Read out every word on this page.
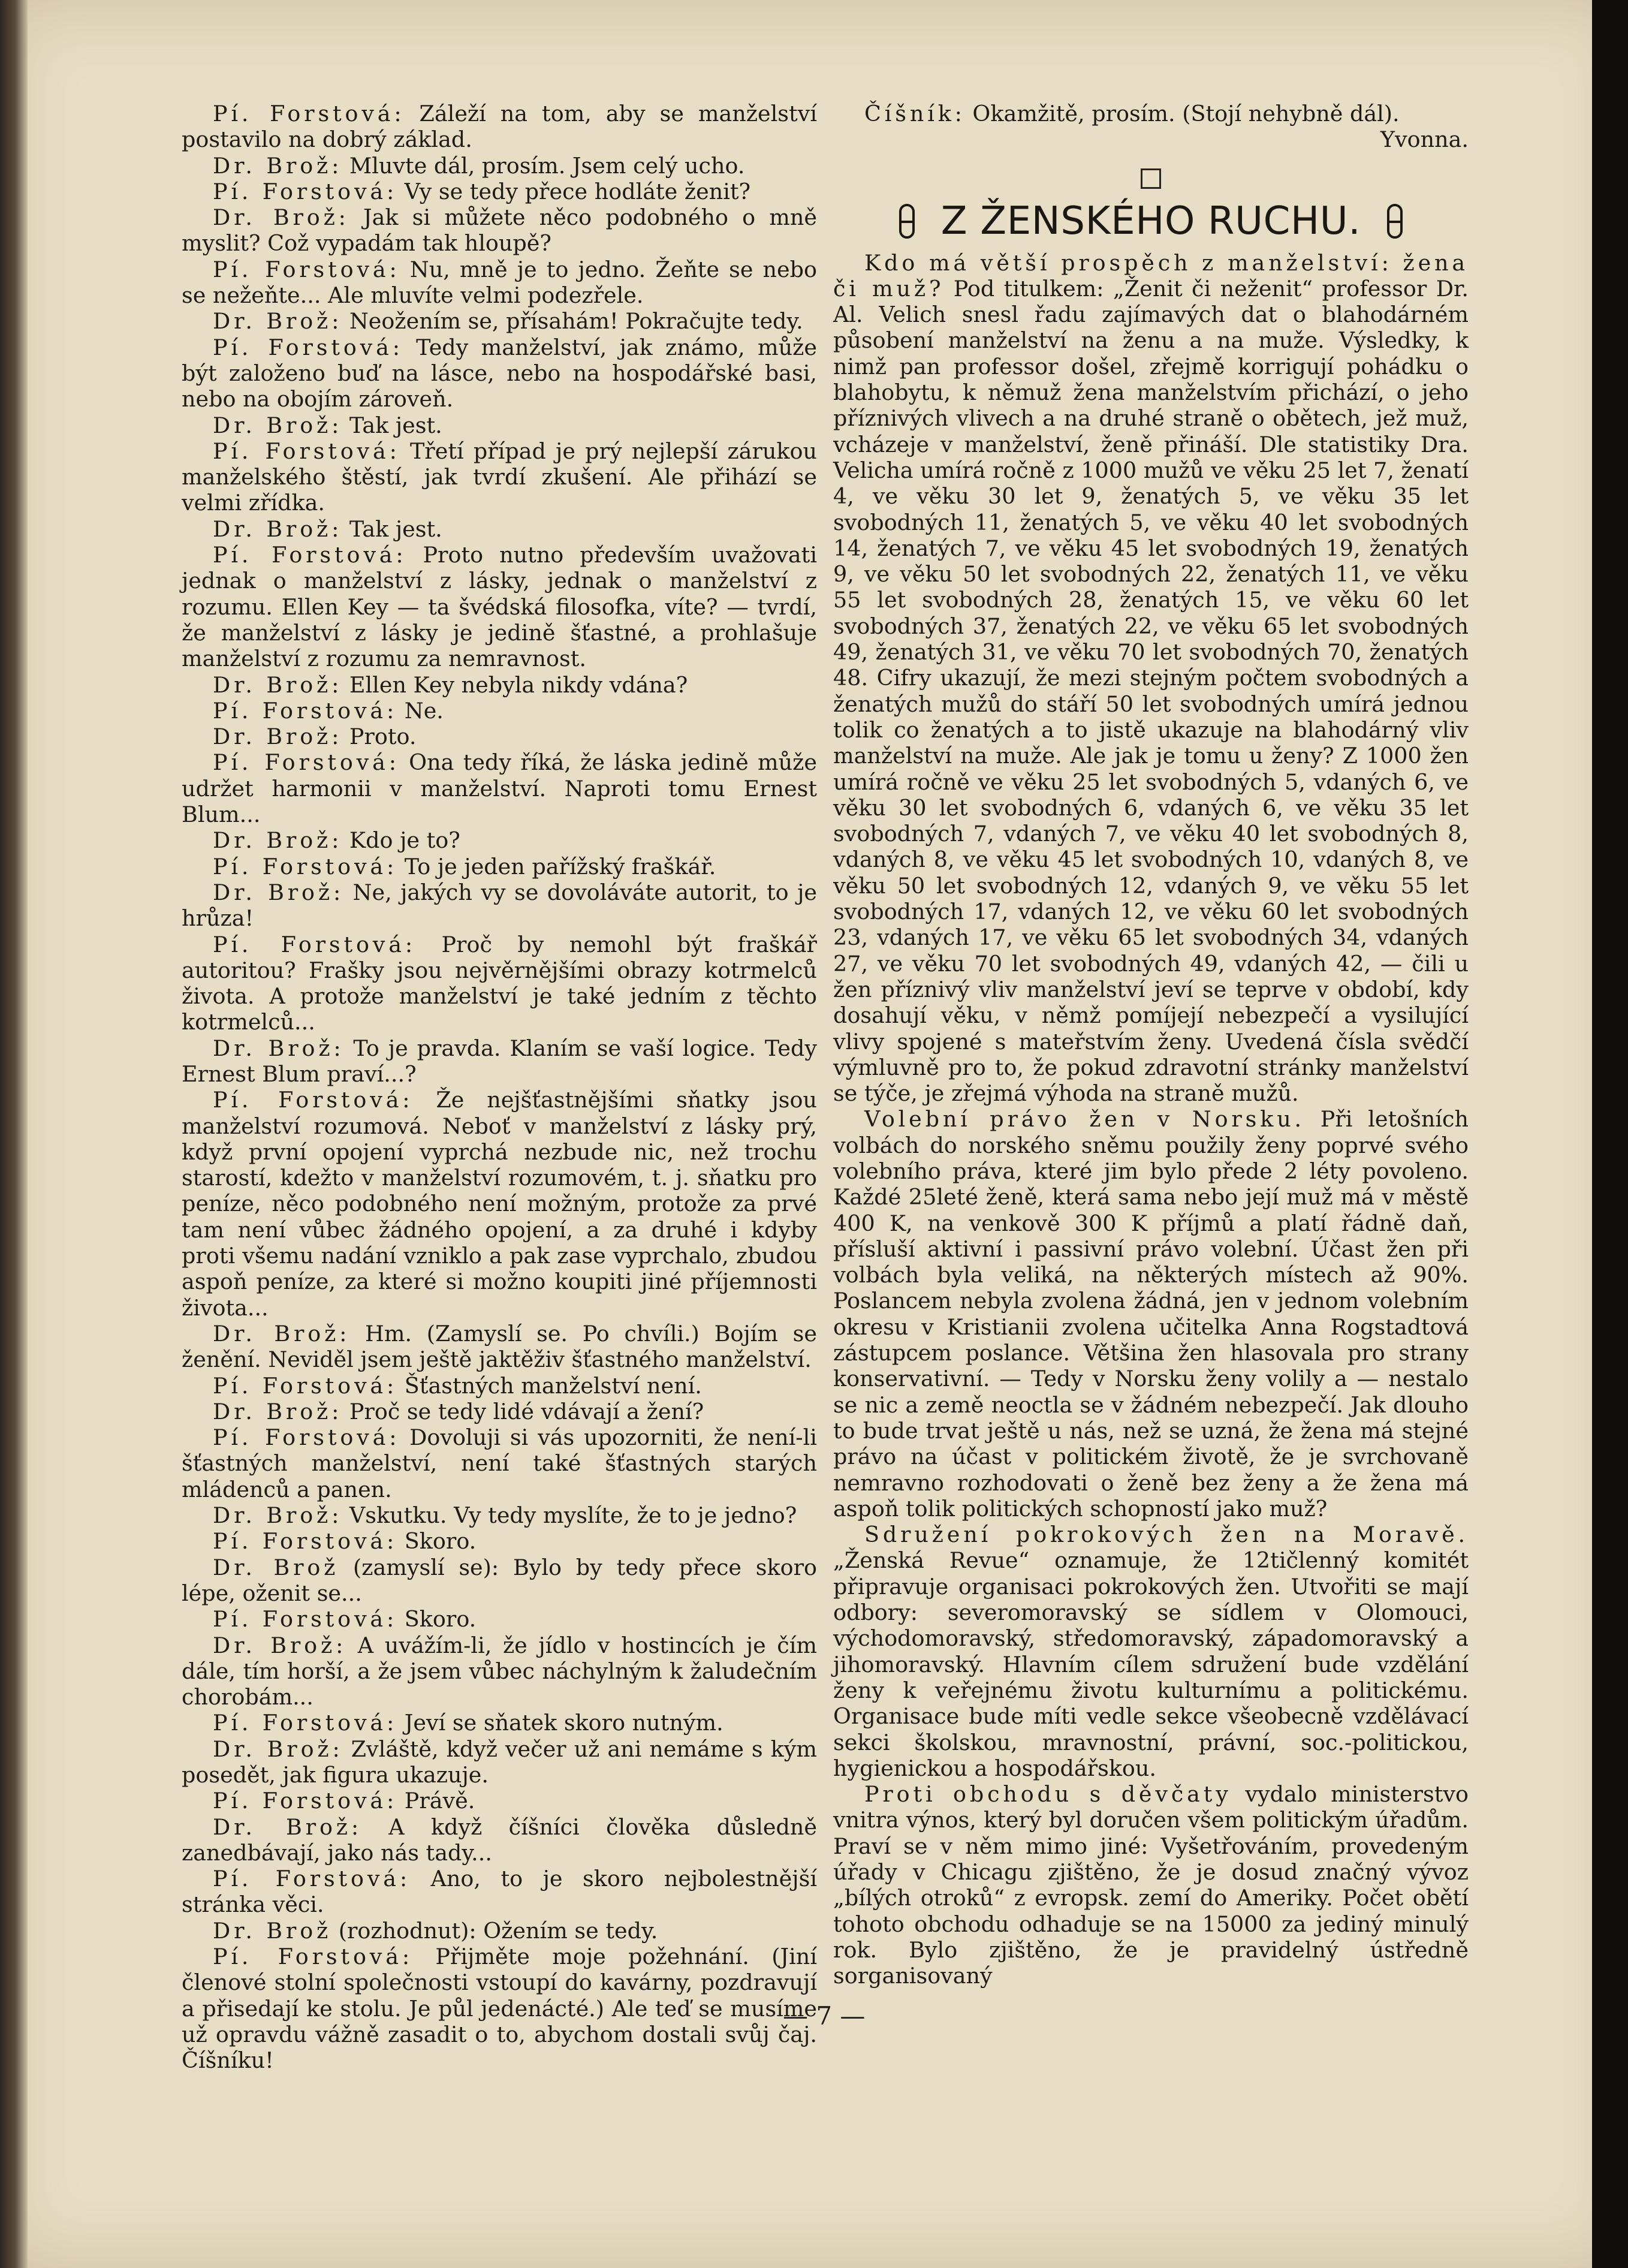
Pí. Forstová: Záleží na tom, aby se manželství postavilo na dobrý základ.

Dr. Brož: Mluvte dál, prosím. Jsem celý ucho.

Pí. Forstová: Vy se tedy přece hodláte ženit?

Dr. Brož: Jak si můžete něco podobného o mně myslit? Což vypadám tak hloupě?

Pí. Forstová: Nu, mně je to jedno. Žeňte se nebo se nežeňte... Ale mluvíte velmi podezřele.

Dr. Brož: Neožením se, přísahám! Pokračujte tedy.

Pí. Forstová: Tedy manželství, jak známo, může být založeno buď na lásce, nebo na hospodářské basi, nebo na obojím zároveň.

Dr. Brož: Tak jest.

Pí. Forstová: Třetí případ je prý nejlepší zárukou manželského štěstí, jak tvrdí zkušení. Ale přihází se velmi zřídka.

Dr. Brož: Tak jest.

Pí. Forstová: Proto nutno především uvažovati jednak o manželství z lásky, jednak o manželství z rozumu. Ellen Key — ta švédská filosofka, víte? — tvrdí, že manželství z lásky je jedině šťastné, a prohlašuje manželství z rozumu za nemravnost.

Dr. Brož: Ellen Key nebyla nikdy vdána?

Pí. Forstová: Ne.

Dr. Brož: Proto.

Pí. Forstová: Ona tedy říká, že láska jedině může udržet harmonii v manželství. Naproti tomu Ernest Blum...

Dr. Brož: Kdo je to?

Pí. Forstová: To je jeden pařížský fraškář.

Dr. Brož: Ne, jakých vy se dovoláváte autorit, to je hrůza!

Pí. Forstová: Proč by nemohl být fraškář autoritou? Frašky jsou nejvěrnějšími obrazy kotrmelců života. A protože manželství je také jedním z těchto kotrmelců...

Dr. Brož: To je pravda. Klaním se vaší logice. Tedy Ernest Blum praví...?

Pí. Forstová: Že nejšťastnějšími sňatky jsou manželství rozumová. Neboť v manželství z lásky prý, když první opojení vyprchá nezbude nic, než trochu starostí, kdežto v manželství rozumovém, t. j. sňatku pro peníze, něco podobného není možným, protože za prvé tam není vůbec žádného opojení, a za druhé i kdyby proti všemu nadání vzniklo a pak zase vyprchalo, zbudou aspoň peníze, za které si možno koupiti jiné příjemnosti života...

Dr. Brož: Hm. (Zamyslí se. Po chvíli.) Bojím se ženění. Neviděl jsem ještě jaktěživ šťastného manželství.

Pí. Forstová: Šťastných manželství není.

Dr. Brož: Proč se tedy lidé vdávají a žení?

Pí. Forstová: Dovoluji si vás upozorniti, že není-li šťastných manželství, není také šťastných starých mládenců a panen.

Dr. Brož: Vskutku. Vy tedy myslíte, že to je jedno?

Pí. Forstová: Skoro.

Dr. Brož (zamyslí se): Bylo by tedy přece skoro lépe, oženit se...

Pí. Forstová: Skoro.

Dr. Brož: A uvážím-li, že jídlo v hostincích je čím dále, tím horší, a že jsem vůbec náchylným k žaludečním chorobám...

Pí. Forstová: Jeví se sňatek skoro nutným.

Dr. Brož: Zvláště, když večer už ani nemáme s kým posedět, jak figura ukazuje.

Pí. Forstová: Právě.

Dr. Brož: A když číšníci člověka důsledně zanedbávají, jako nás tady...

Pí. Forstová: Ano, to je skoro nejbolestnější stránka věci.

Dr. Brož (rozhodnut): Ožením se tedy.

Pí. Forstová: Přijměte moje požehnání. (Jiní členové stolní společnosti vstoupí do kavárny, pozdravují a přisedají ke stolu. Je půl jedenácté.) Ale teď se musíme už opravdu vážně zasadit o to, abychom dostali svůj čaj. Číšníku!

Číšník: Okamžitě, prosím. (Stojí nehybně dál).

Yvonna.

Z ŽENSKÉHO RUCHU.

Kdo má větší prospěch z manželství: žena či muž? Pod titulkem: „Ženit či neženit“ professor Dr. Al. Velich snesl řadu zajímavých dat o blahodárném působení manželství na ženu a na muže. Výsledky, k nimž pan professor došel, zřejmě korrigují pohádku o blahobytu, k němuž žena manželstvím přichází, o jeho příznivých vlivech a na druhé straně o obětech, jež muž, vcházeje v manželství, ženě přináší. Dle statistiky Dra. Velicha umírá ročně z 1000 mužů ve věku 25 let 7, ženatí 4, ve věku 30 let 9, ženatých 5, ve věku 35 let svobodných 11, ženatých 5, ve věku 40 let svobodných 14, ženatých 7, ve věku 45 let svobodných 19, ženatých 9, ve věku 50 let svobodných 22, ženatých 11, ve věku 55 let svobodných 28, ženatých 15, ve věku 60 let svobodných 37, ženatých 22, ve věku 65 let svobodných 49, ženatých 31, ve věku 70 let svobodných 70, ženatých 48. Cifry ukazují, že mezi stejným počtem svobodných a ženatých mužů do stáří 50 let svobodných umírá jednou tolik co ženatých a to jistě ukazuje na blahodárný vliv manželství na muže. Ale jak je tomu u ženy? Z 1000 žen umírá ročně ve věku 25 let svobodných 5, vdaných 6, ve věku 30 let svobodných 6, vdaných 6, ve věku 35 let svobodných 7, vdaných 7, ve věku 40 let svobodných 8, vdaných 8, ve věku 45 let svobodných 10, vdaných 8, ve věku 50 let svobodných 12, vdaných 9, ve věku 55 let svobodných 17, vdaných 12, ve věku 60 let svobodných 23, vdaných 17, ve věku 65 let svobodných 34, vdaných 27, ve věku 70 let svobodných 49, vdaných 42, — čili u žen příznivý vliv manželství jeví se teprve v období, kdy dosahují věku, v němž pomíjejí nebezpečí a vysilující vlivy spojené s mateřstvím ženy. Uvedená čísla svědčí výmluvně pro to, že pokud zdravotní stránky manželství se týče, je zřejmá výhoda na straně mužů.

Volební právo žen v Norsku. Při letošních volbách do norského sněmu použily ženy poprvé svého volebního práva, které jim bylo předе 2 léty povoleno. Každé 25leté ženě, která sama nebo její muž má v městě 400 K, na venkově 300 K příjmů a platí řádně daň, přísluší aktivní i passivní právo volební. Účast žen při volbách byla veliká, na některých místech až 90%. Poslancem nebyla zvolena žádná, jen v jednom volebním okresu v Kristianii zvolena učitelka Anna Rogstadtová zástupcem poslance. Většina žen hlasovala pro strany konservativní. — Tedy v Norsku ženy volily a — nestalo se nic a země neoctla se v žádném nebezpečí. Jak dlouho to bude trvat ještě u nás, než se uzná, že žena má stejné právo na účast v politickém životě, že je svrchovaně nemravno rozhodovati o ženě bez ženy a že žena má aspoň tolik politických schopností jako muž?

Sdružení pokrokových žen na Moravě. „Ženská Revue“ oznamuje, že 12tičlenný komitét připravuje organisaci pokrokových žen. Utvořiti se mají odbory: severomoravský se sídlem v Olomouci, východomoravský, středomoravský, západomoravský a jihomoravský. Hlavním cílem sdružení bude vzdělání ženy k veřejnému životu kulturnímu a politickému. Organisace bude míti vedle sekce všeobecně vzdělávací sekci školskou, mravnostní, právní, soc.-politickou, hygienickou a hospodářskou.

Proti obchodu s děvčaty vydalo ministerstvo vnitra výnos, který byl doručen všem politickým úřadům. Praví se v něm mimo jiné: Vyšetřováním, provedeným úřady v Chicagu zjištěno, že je dosud značný vývoz „bílých otroků“ z evropsk. zemí do Ameriky. Počet obětí tohoto obchodu odhaduje se na 15000 za jediný minulý rok. Bylo zjištěno, že je pravidelný ústředně sorganisovaný

— 7 —
